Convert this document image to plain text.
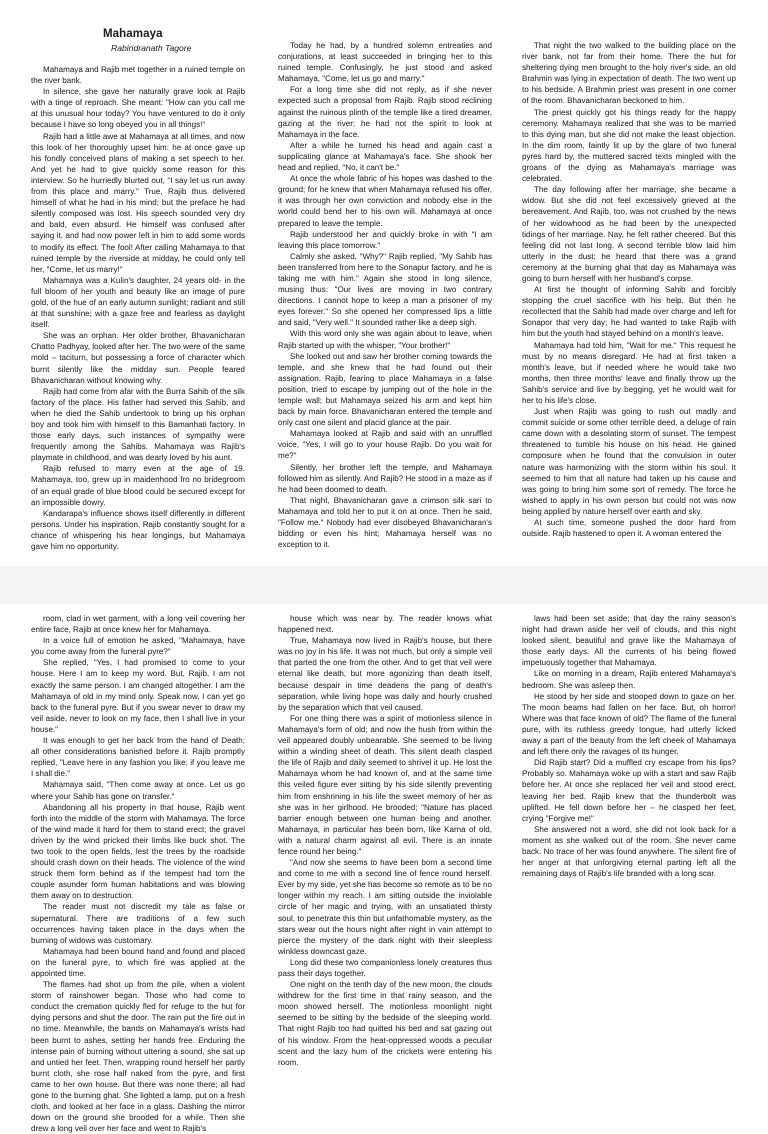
Mahamaya
Rabindranath Tagore

Mahamaya and Rajib met together in a ruined temple on the river bank.

In silence, she gave her naturally grave look at Rajib with a tinge of reproach. She meant: "How can you call me at this unusual hour today? You have ventured to do it only because I have so long obeyed you in all things!"

Rajib had a little awe at Mahamaya at all times, and now this look of her thoroughly upset him: he at once gave up his fondly conceived plans of making a set speech to her. And yet he had to give quickly some reason for this interview. So he hurriedly blurted out, "I say let us run away from this place and marry." True, Rajib thus delivered himself of what he had in his mind; but the preface he had silently composed was lost. His speech sounded very dry and bald, even absurd. He himself was confused after saying it, and had now power left in him to add some words to modify its effect. The fool! After calling Mahamaya to that ruined temple by the riverside at midday, he could only tell her, "Come, let us marry!"

Mahamaya was a Kulin's daughter, 24 years old- in the full bloom of her youth and beauty like an image of pure gold, of the hue of an early autumn sunlight; radiant and still at that sunshine; with a gaze free and fearless as daylight itself.

She was an orphan. Her older brother, Bhavanicharan Chatto Padhyay, looked after her. The two were of the same mold – taciturn, but possessing a force of character which burnt silently like the midday sun. People feared Bhavanicharan without knowing why.

Rajib had come from afar with the Burra Sahib of the silk factory of the place. His father had served this Sahib, and when he died the Sahib undertook to bring up his orphan boy and took him with himself to this Bamanhati factory. In those early days, such instances of sympathy were frequently among the Sahibs. Mahamaya was Rajib's playmate in childhood, and was dearly loved by his aunt.

Rajib refused to marry even at the age of 19. Mahamaya, too, grew up in maidenhood fro no bridegroom of an equal grade of blue blood could be secured except for an impossible dowry.

Kandarapa's influence shows itself differently in different persons. Under his inspiration, Rajib constantly sought for a chance of whispering his hear longings, but Mahamaya gave him no opportunity.

Today he had, by a hundred solemn entreaties and conjurations, at least succeeded in bringing her to this ruined temple. Confusingly, he just stood and asked Mahamaya, "Come, let us go and marry."

For a long time she did not reply, as if she never expected such a proposal from Rajib. Rajib stood reclining against the ruinous plinth of the temple like a tired dreamer, gazing at the river; he had not the spirit to look at Mahamaya in the face.

After a while he turned his head and again cast a supplicating glance at Mahamaya's face. She shook her head and replied, "No, it can't be."

At once the whole fabric of his hopes was dashed to the ground; for he knew that when Mahamaya refused his offer, it was through her own conviction and nobody else in the world could bend her to his own will. Mahamaya at once prepared to leave the temple.

Rajib understood her and quickly broke in with "I am leaving this place tomorrow."

Calmly she asked, "Why?" Rajib replied, "My Sahib has been transferred from here to the Sonapur factory, and he is taking me with him." Again she stood in long silence, musing thus: "Our lives are moving in two contrary directions. I cannot hope to keep a man a prisoner of my eyes forever." So she opened her compressed lips a little and said, "Very well." It sounded rather like a deep sigh.

With this word only she was again about to leave, when Rajib started up with the whisper, "Your brother!"

She looked out and saw her brother coming towards the temple, and she knew that he had found out their assignation. Rajib, fearing to place Mahamaya in a false position, tried to escape by jumping out of the hole in the temple wall; but Mahamaya seized his arm and kept him back by main force. Bhavanicharan entered the temple and only cast one silent and placid glance at the pair.

Mahamaya looked at Rajib and said with an unruffled voice, "Yes, I will go to your house Rajib. Do you wait for me?"

Silently, her brother left the temple, and Mahamaya followed him as silently. And Rajib? He stood in a maze as if he had been doomed to death.

That night, Bhavanicharan gave a crimson silk sari to Mahamaya and told her to put it on at once. Then he said, "Follow me." Nobody had ever disobeyed Bhavanicharan's bidding or even his hint; Mahamaya herself was no exception to it.

That night the two walked to the building place on the river bank, not far from their home. There the hut for sheltering dying men brought to the holy river's side, an old Brahmin was lying in expectation of death. The two went up to his bedside. A Brahmin priest was present in one corner of the room. Bhavanicharan beckoned to him.

The priest quickly got his things ready for the happy ceremony. Mahamaya realized that she was to be married to this dying man, but she did not make the least objection. In the dim room, faintly lit up by the glare of two funeral pyres hard by, the muttered sacred texts mingled with the groans of the dying as Mahamaya's marriage was celebrated.

The day following after her marriage, she became a widow. But she did not feel excessively grieved at the bereavement. And Rajib, too, was not crushed by the news of her widowhood as he had been by the unexpected tidings of her marriage. Nay, he felt rather cheered. But this feeling did not last long. A second terrible blow laid him utterly in the dust; he heard that there was a grand ceremony at the burning ghat that day as Mahamaya was going to burn herself with her husband's corpse.

At first he thought of informing Sahib and forcibly stopping the cruel sacrifice with his help. But then he recollected that the Sahib had made over charge and left for Sonapor that very day; he had wanted to take Rajib with him but the youth had stayed behind on a month's leave.

Mahamaya had told him, "Wait for me." This request he must by no means disregard. He had at first taken a month's leave, but if needed where he would take two months, then three months' leave and finally throw up the Sahib's service and live by begging, yet he would wait for her to his life's close.

Just when Rajib was going to rush out madly and commit suicide or some other terrible deed, a deluge of rain came down with a desolating storm of sunset. The tempest threatened to tumble his house on his head. He gained composure when he found that the convulsion in outer nature was harmonizing with the storm within his soul. It seemed to him that all nature had taken up his cause and was going to bring him some sort of remedy. The force he wished to apply in his own person but could not was now being applied by nature herself over earth and sky.

At such time, someone pushed the door hard from outside. Rajib hastened to open it. A woman entered the

room, clad in wet garment, with a long veil covering her entire face, Rajib at once knew her for Mahamaya.

In a voice full of emotion he asked, "Mahamaya, have you come away from the funeral pyre?"

She replied, "Yes, I had promised to come to your house. Here I am to keep my word. But, Rajib, I am not exactly the same person. I am changed altogether. I am the Mahamaya of old in my mind only. Speak now, I can yet go back to the funeral pyre. But if you swear never to draw my veil aside, never to look on my face, then I shall live in your house."

It was enough to get her back from the hand of Death; all other considerations banished before it. Rajib promptly replied, "Leave here in any fashion you like; if you leave me I shall die."

Mahamaya said, "Then come away at once. Let us go where your Sahib has gone on transfer."

Abandoning all his property in that house, Rajib went forth into the middle of the storm with Mahamaya. The force of the wind made it hard for them to stand erect; the gravel driven by the wind pricked their limbs like buck shot. The two took to the open fields, lest the trees by the roadside should crash down on their heads. The violence of the wind struck them form behind as if the tempest had torn the couple asunder form human habitations and was blowing them away on to destruction.

The reader must not discredit my tale as false or supernatural. There are traditions of a few such occurrences having taken place in the days when the burning of widows was customary.

Mahamaya had been bound hand and found and placed on the funeral pyre, to which fire was applied at the appointed time.

The flames had shot up from the pile, when a violent storm of rainshower began. Those who had come to conduct the cremation quickly fled for refuge to the hut for dying persons and shut the door. The rain put the fire out in no time. Meanwhile, the bands on Mahamaya's wrists had been burnt to ashes, setting her hands free. Enduring the intense pain of burning without uttering a sound, she sat up and untied her feet. Then, wrapping round herself her partly burnt cloth, she rose half naked from the pyre, and first came to her own house. But there was none there; all had gone to the burning ghat. She lighted a lamp, put on a fresh cloth, and looked at her face in a glass. Dashing the mirror down on the ground she brooded for a while. Then she drew a long veil over her face and went to Rajib's

house which was near by. The reader knows what happened next.

True, Mahamaya now lived in Rajib's house, but there was no joy in his life. It was not much, but only a simple veil that parted the one from the other. And to get that veil were eternal like death, but more agonizing than death itself, because despair in time deadens the pang of death's separation, while living hope was daily and hourly crushed by the separation which that veil caused.

For one thing there was a spirit of motionless silence in Mahamaya's form of old; and now the hush from within the veil appeared doubly unbearable. She seemed to be living within a winding sheet of death. This silent death clasped the life of Rajib and daily seemed to shrivel it up. He lost the Mahamaya whom he had known of, and at the same time this veiled figure ever sitting by his side silently preventing him from enshrining in his life the sweet memory of her as she was in her girlhood. He brooded; "Nature has placed barrier enough between one human being and another. Mahamaya, in particular has been born, like Karna of old, with a natural charm against all evil. There is an innate fence round her being."

"And now she seems to have been born a second time and come to me with a second line of fence round herself. Ever by my side, yet she has become so remote as to be no longer within my reach. I am sitting outside the inviolable circle of her magic and trying, with an unsatiated thirsty soul, to penetrate this thin but unfathomable mystery, as the stars wear out the hours night after night in vain attempt to pierce the mystery of the dark night with their sleepless winkless downcast gaze.

Long did these two companionless lonely creatures thus pass their days together.

One night on the tenth day of the new moon, the clouds withdrew for the first time in that rainy season, and the moon showed herself. The motionless moonlight night seemed to be sitting by the bedside of the sleeping world. That night Rajib too had quitted his bed and sat gazing out of his window. From the heat-oppressed woods a peculiar scent and the lazy hum of the crickets were entering his room.

laws had been set aside; that day the rainy season's night had drawn aside her veil of clouds, and this night looked silent, beautiful and grave like the Mahamaya of those early days. All the currents of his being flowed impetuously together that Mahamaya.

Like on morning in a dream, Rajib entered Mahamaya's bedroom. She was asleep then.

He stood by her side and stooped down to gaze on her. The moon beams had fallen on her face. But, oh horror! Where was that face known of old? The flame of the funeral pure, with its ruthless greedy tongue, had utterly licked away a part of the beauty from the left cheek of Mahamaya and left there only the ravages of its hunger.

Did Rajib start? Did a muffled cry escape from his lips? Probably so. Mahamaya woke up with a start and saw Rajib before her. At once she replaced her veil and stood erect, leaving her bed. Rajib knew that the thunderbolt was uplifted. He fell down before her – he clasped her feet, crying "Forgive me!"

She answered not a word, she did not look back for a moment as she walked out of the room. She never came back. No trace of her was found anywhere. The silent fire of her anger at that unforgiving eternal parting left all the remaining days of Rajib's life branded with a long scar.
